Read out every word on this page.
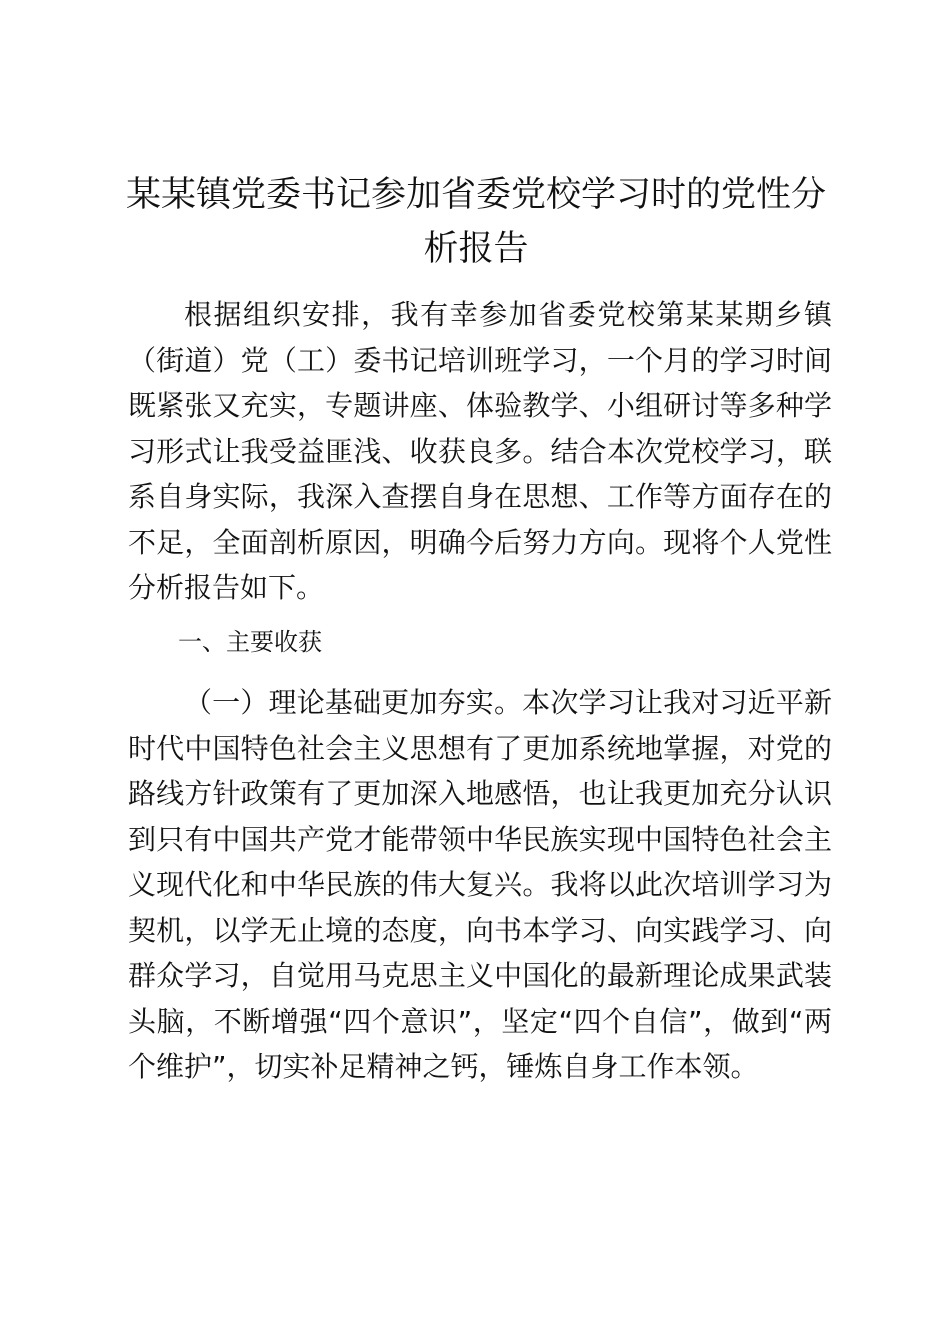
某某镇党委书记参加省委党校学习时的党性分析报告

根据组织安排，我有幸参加省委党校第某某期乡镇（街道）党（工）委书记培训班学习，一个月的学习时间既紧张又充实，专题讲座、体验教学、小组研讨等多种学习形式让我受益匪浅、收获良多。结合本次党校学习，联系自身实际，我深入查摆自身在思想、工作等方面存在的不足，全面剖析原因，明确今后努力方向。现将个人党性分析报告如下。

一、主要收获

（一）理论基础更加夯实。本次学习让我对习近平新时代中国特色社会主义思想有了更加系统地掌握，对党的路线方针政策有了更加深入地感悟，也让我更加充分认识到只有中国共产党才能带领中华民族实现中国特色社会主义现代化和中华民族的伟大复兴。我将以此次培训学习为契机，以学无止境的态度，向书本学习、向实践学习、向群众学习，自觉用马克思主义中国化的最新理论成果武装头脑，不断增强“四个意识”，坚定“四个自信”，做到“两个维护”，切实补足精神之钙，锤炼自身工作本领。
